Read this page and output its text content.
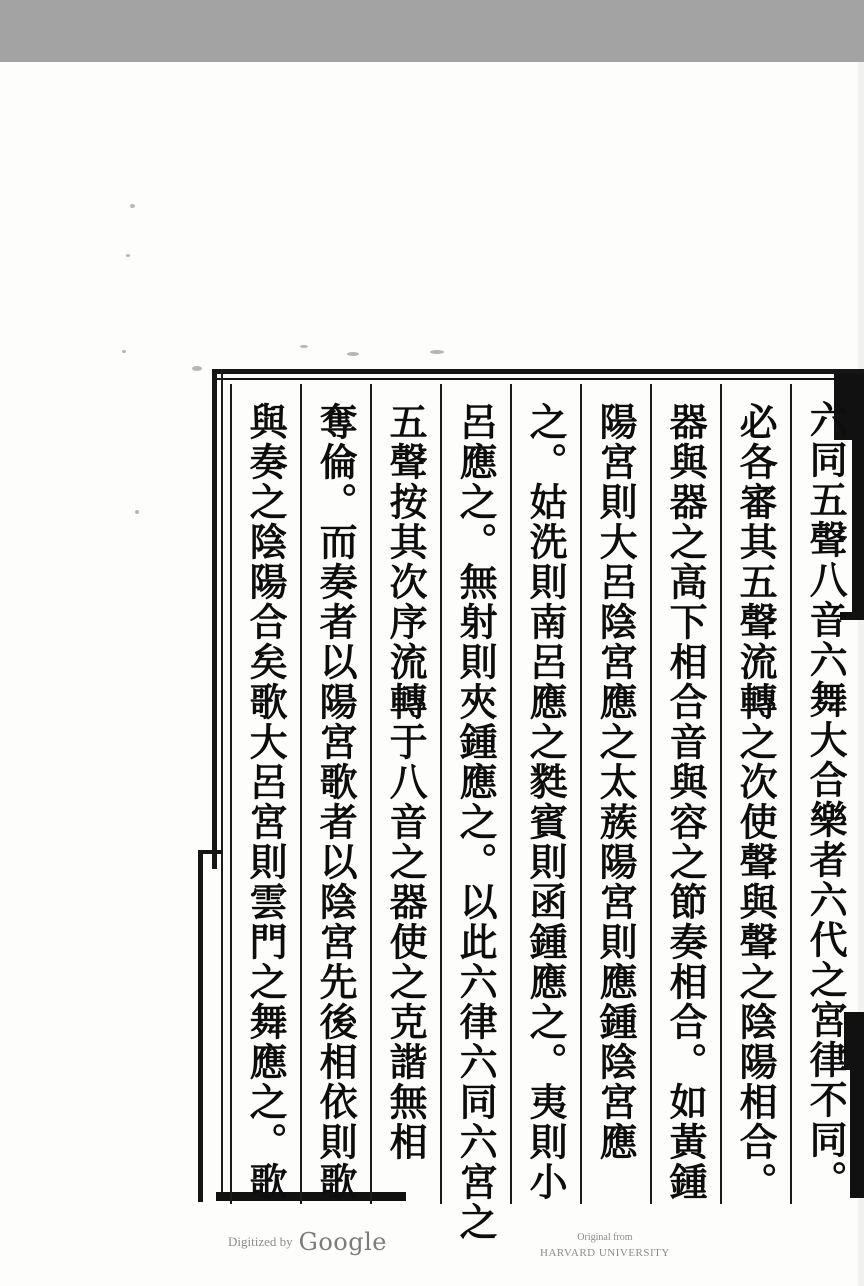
六同五聲八音六舞大合樂者六代之宮律不同。
必各審其五聲流轉之次使聲與聲之陰陽相合。
器與器之高下相合音與容之節奏相合。如黃鍾
陽宮則大呂陰宮應之太蔟陽宮則應鍾陰宮應
之。姑洗則南呂應之㽔賓則函鍾應之。夷則小
呂應之。無射則夾鍾應之。以此六律六同六宮之
五聲按其次序流轉于八音之器使之克諧無相
奪倫。而奏者以陽宮歌者以陰宮先後相依則歌
與奏之陰陽合矣歌大呂宮則雲門之舞應之。歌
Digitized by Google	Original from
HARVARD UNIVERSITY
